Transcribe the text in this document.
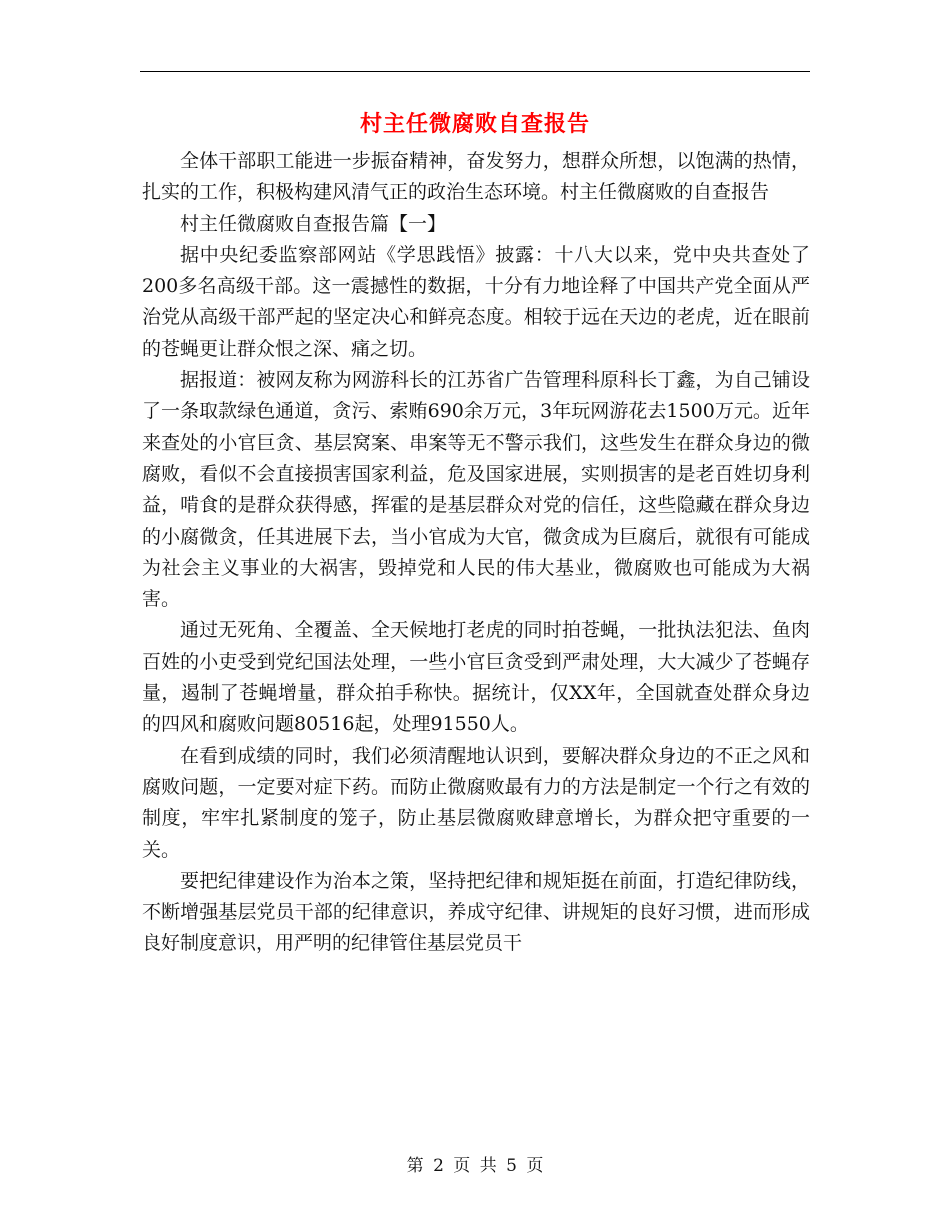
村主任微腐败自查报告

全体干部职工能进一步振奋精神，奋发努力，想群众所想，以饱满的热情，扎实的工作，积极构建风清气正的政治生态环境。村主任微腐败的自查报告

村主任微腐败自查报告篇【一】

据中央纪委监察部网站《学思践悟》披露：十八大以来，党中央共查处了200多名高级干部。这一震撼性的数据，十分有力地诠释了中国共产党全面从严治党从高级干部严起的坚定决心和鲜亮态度。相较于远在天边的老虎，近在眼前的苍蝇更让群众恨之深、痛之切。

据报道：被网友称为网游科长的江苏省广告管理科原科长丁鑫，为自己铺设了一条取款绿色通道，贪污、索贿690余万元，3年玩网游花去1500万元。近年来查处的小官巨贪、基层窝案、串案等无不警示我们，这些发生在群众身边的微腐败，看似不会直接损害国家利益，危及国家进展，实则损害的是老百姓切身利益，啃食的是群众获得感，挥霍的是基层群众对党的信任，这些隐藏在群众身边的小腐微贪，任其进展下去，当小官成为大官，微贪成为巨腐后，就很有可能成为社会主义事业的大祸害，毁掉党和人民的伟大基业，微腐败也可能成为大祸害。

通过无死角、全覆盖、全天候地打老虎的同时拍苍蝇，一批执法犯法、鱼肉百姓的小吏受到党纪国法处理，一些小官巨贪受到严肃处理，大大减少了苍蝇存量，遏制了苍蝇增量，群众拍手称快。据统计，仅XX年，全国就查处群众身边的四风和腐败问题80516起，处理91550人。

在看到成绩的同时，我们必须清醒地认识到，要解决群众身边的不正之风和腐败问题，一定要对症下药。而防止微腐败最有力的方法是制定一个行之有效的制度，牢牢扎紧制度的笼子，防止基层微腐败肆意增长，为群众把守重要的一关。

要把纪律建设作为治本之策，坚持把纪律和规矩挺在前面，打造纪律防线，不断增强基层党员干部的纪律意识，养成守纪律、讲规矩的良好习惯，进而形成良好制度意识，用严明的纪律管住基层党员干

第 2 页 共 5 页
